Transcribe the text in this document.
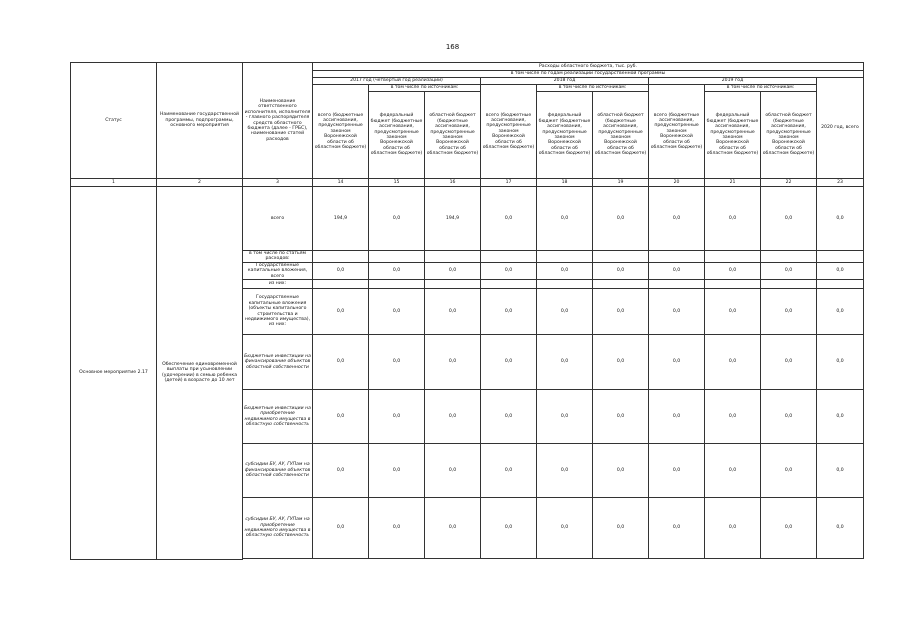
168
Статус	Наименование государственной программы, подпрограммы, основного мероприятия	Наименование ответственного исполнителя, исполнителя - главного распорядителя средств областного бюджета (далее - ГРБС), наименование статей расходов	Расходы областного бюджета, тыс. руб.									
			в том числе по годам реализации государственной программы									
			2017 год (четвертый год реализации)			2018 год			2019 год			2020 год, всего
			всего (бюджетные ассигнования, предусмотренные законом Воронежской области об областном бюджете)	в том числе по источникам:		всего (бюджетные ассигнования, предусмотренные законом Воронежской области об областном бюджете)	в том числе по источникам:		всего (бюджетные ассигнования, предусмотренные законом Воронежской области об областном бюджете)	в том числе по источникам:		
				федеральный бюджет (бюджетные ассигнования, предусмотренные законом Воронежской области об областном бюджете)	областной бюджет (бюджетные ассигнования, предусмотренные законом Воронежской области об областном бюджете)		федеральный бюджет (бюджетные ассигнования, предусмотренные законом Воронежской области об областном бюджете)	областной бюджет (бюджетные ассигнования, предусмотренные законом Воронежской области об областном бюджете)		федеральный бюджет (бюджетные ассигнования, предусмотренные законом Воронежской области об областном бюджете)	областной бюджет (бюджетные ассигнования, предусмотренные законом Воронежской области об областном бюджете)	
1	2	3	14	15	16	17	18	19	20	21	22	23
Основное мероприятие 2.17	Обеспечение единовременной выплаты при усыновлении (удочерении) в семью ребенка (детей) в возрасте до 10 лет	всего	194,9	0,0	194,9	0,0	0,0	0,0	0,0	0,0	0,0	0,0
		в том числе по статьям расходов:										
		Государственные капитальные вложения, всего	0,0	0,0	0,0	0,0	0,0	0,0	0,0	0,0	0,0	0,0
		из них:										
		Государственные капитальные вложения (объекты капитального строительства и недвижимого имущества), из них:	0,0	0,0	0,0	0,0	0,0	0,0	0,0	0,0	0,0	0,0
		Бюджетные инвестиции на финансирование объектов областной собственности	0,0	0,0	0,0	0,0	0,0	0,0	0,0	0,0	0,0	0,0
		Бюджетные инвестиции на приобретение недвижимого имущества в областную собственность	0,0	0,0	0,0	0,0	0,0	0,0	0,0	0,0	0,0	0,0
		субсидии БУ, АУ, ГУПам на финансирование объектов областной собственности	0,0	0,0	0,0	0,0	0,0	0,0	0,0	0,0	0,0	0,0
		субсидии БУ, АУ, ГУПам на приобретение недвижимого имущества в областную собственность	0,0	0,0	0,0	0,0	0,0	0,0	0,0	0,0	0,0	0,0
